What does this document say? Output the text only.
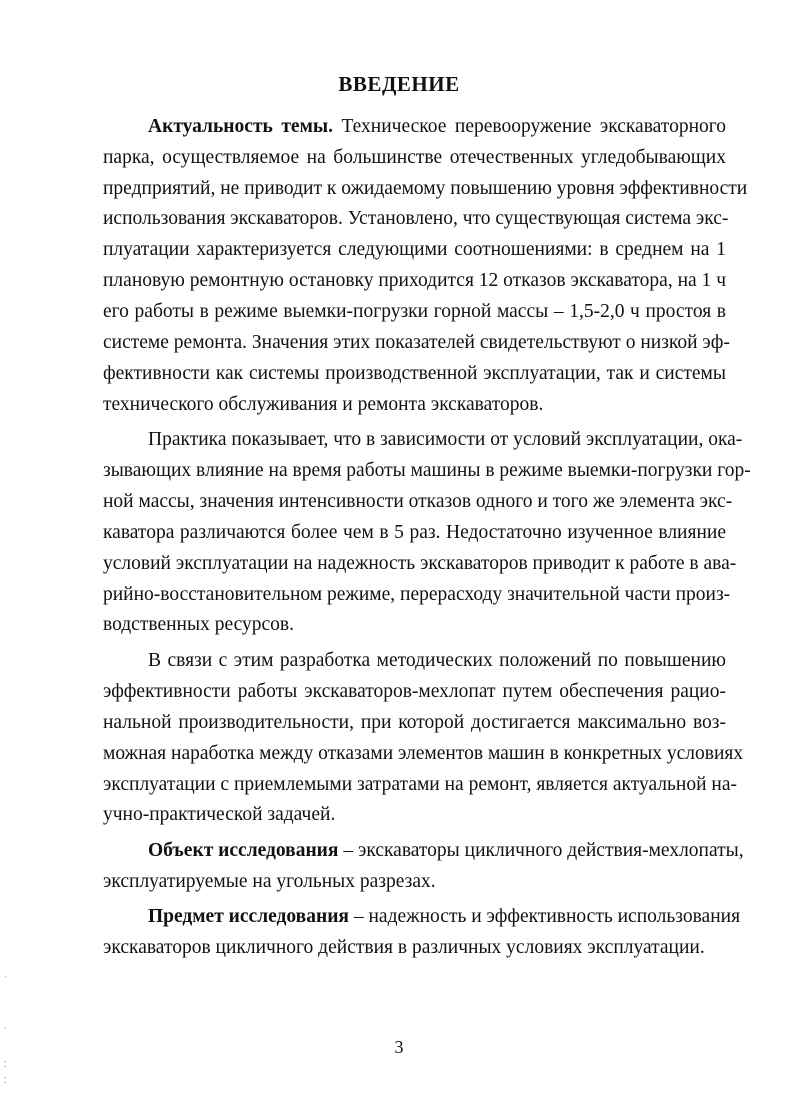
ВВЕДЕНИЕ
Актуальность темы. Техническое перевооружение экскаваторного
парка, осуществляемое на большинстве отечественных угледобывающих
предприятий, не приводит к ожидаемому повышению уровня эффективности
использования экскаваторов. Установлено, что существующая система экс-
плуатации характеризуется следующими соотношениями: в среднем на 1
плановую ремонтную остановку приходится 12 отказов экскаватора, на 1 ч
его работы в режиме выемки-погрузки горной массы – 1,5-2,0 ч простоя в
системе ремонта. Значения этих показателей свидетельствуют о низкой эф-
фективности как системы производственной эксплуатации, так и системы
технического обслуживания и ремонта экскаваторов.
Практика показывает, что в зависимости от условий эксплуатации, ока-
зывающих влияние на время работы машины в режиме выемки-погрузки гор-
ной массы, значения интенсивности отказов одного и того же элемента экс-
каватора различаются более чем в 5 раз. Недостаточно изученное влияние
условий эксплуатации на надежность экскаваторов приводит к работе в ава-
рийно-восстановительном режиме, перерасходу значительной части произ-
водственных ресурсов.
В связи с этим разработка методических положений по повышению
эффективности работы экскаваторов-мехлопат путем обеспечения рацио-
нальной производительности, при которой достигается максимально воз-
можная наработка между отказами элементов машин в конкретных условиях
эксплуатации с приемлемыми затратами на ремонт, является актуальной на-
учно-практической задачей.
Объект исследования – экскаваторы цикличного действия-мехлопаты,
эксплуатируемые на угольных разрезах.
Предмет исследования – надежность и эффективность использования
экскаваторов цикличного действия в различных условиях эксплуатации.
3
ˌ
ˏ
⁚
⁚
